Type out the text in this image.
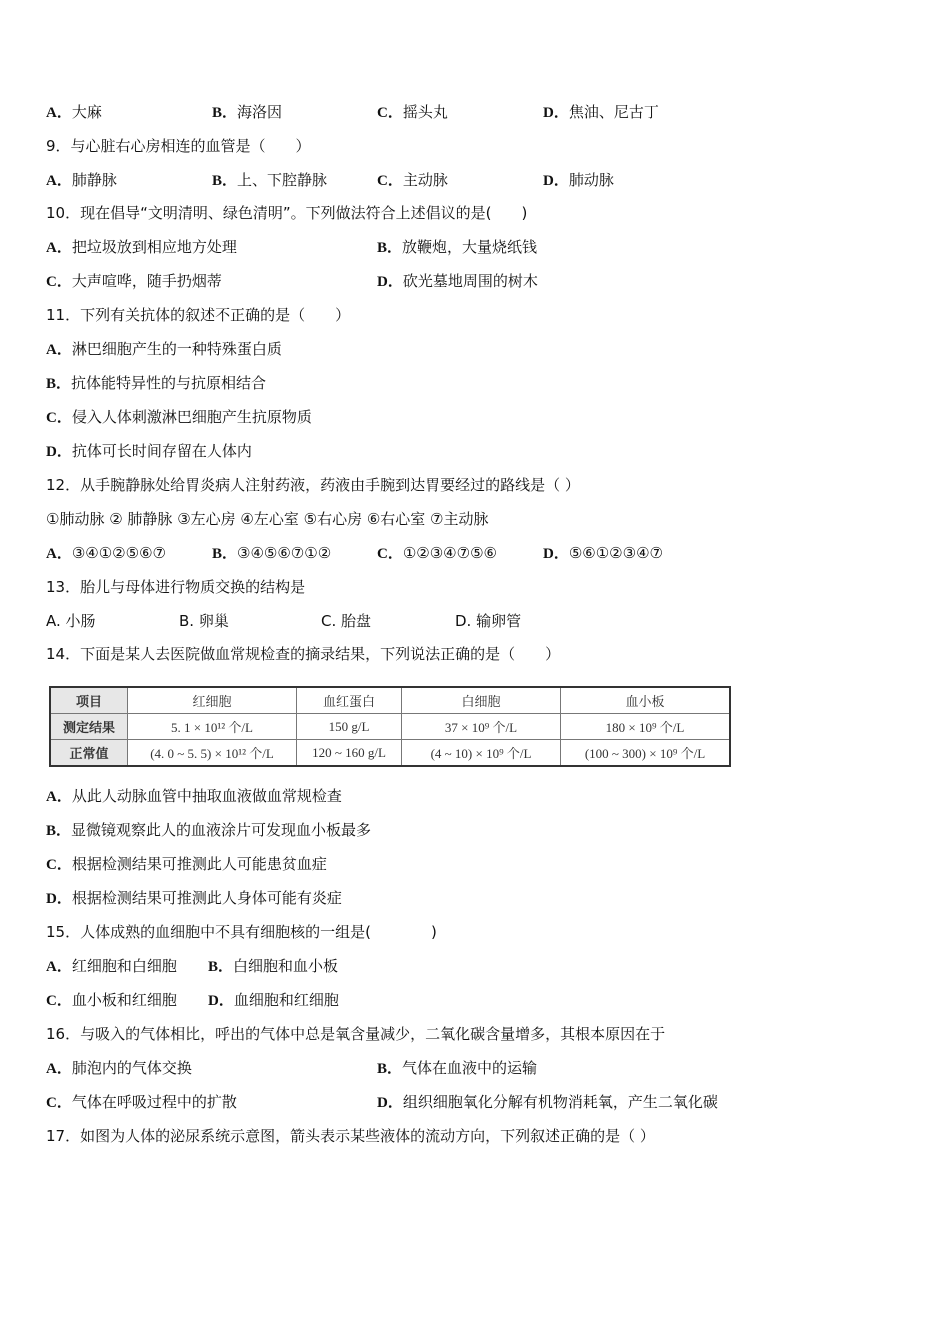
A．大麻	B．海洛因	C．摇头丸	D．焦油、尼古丁
9．与心脏右心房相连的血管是（　　）
A．肺静脉	B．上、下腔静脉	C．主动脉	D．肺动脉
10．现在倡导“文明清明、绿色清明”。下列做法符合上述倡议的是(　　)
A．把垃圾放到相应地方处理	B．放鞭炮，大量烧纸钱
C．大声喧哗，随手扔烟蒂	D．砍光墓地周围的树木
11．下列有关抗体的叙述不正确的是（　　）
A．淋巴细胞产生的一种特殊蛋白质
B．抗体能特异性的与抗原相结合
C．侵入人体刺激淋巴细胞产生抗原物质
D．抗体可长时间存留在人体内
12．从手腕静脉处给胃炎病人注射药液，药液由手腕到达胃要经过的路线是（ ）
①肺动脉 ② 肺静脉 ③左心房 ④左心室 ⑤右心房 ⑥右心室 ⑦主动脉
A．③④①②⑤⑥⑦	B．③④⑤⑥⑦①②	C．①②③④⑦⑤⑥	D．⑤⑥①②③④⑦
13．胎儿与母体进行物质交换的结构是
A. 小肠	B. 卵巢	C. 胎盘	D. 输卵管
14．下面是某人去医院做血常规检查的摘录结果，下列说法正确的是（　　）
项目	红细胞	血红蛋白	白细胞	血小板
测定结果	5. 1 × 10¹² 个/L	150 g/L	37 × 10⁹ 个/L	180 × 10⁹ 个/L
正常值	(4. 0 ~ 5. 5) × 10¹² 个/L	120 ~ 160 g/L	(4 ~ 10) × 10⁹ 个/L	(100 ~ 300) × 10⁹ 个/L
A．从此人动脉血管中抽取血液做血常规检查
B．显微镜观察此人的血液涂片可发现血小板最多
C．根据检测结果可推测此人可能患贫血症
D．根据检测结果可推测此人身体可能有炎症
15．人体成熟的血细胞中不具有细胞核的一组是(　　　　)
A．红细胞和白细胞 B．白细胞和血小板
C．血小板和红细胞 D．血细胞和红细胞
16．与吸入的气体相比，呼出的气体中总是氧含量减少，二氧化碳含量增多，其根本原因在于
A．肺泡内的气体交换	B．气体在血液中的运输
C．气体在呼吸过程中的扩散	D．组织细胞氧化分解有机物消耗氧，产生二氧化碳
17．如图为人体的泌尿系统示意图，箭头表示某些液体的流动方向，下列叙述正确的是（ ）
